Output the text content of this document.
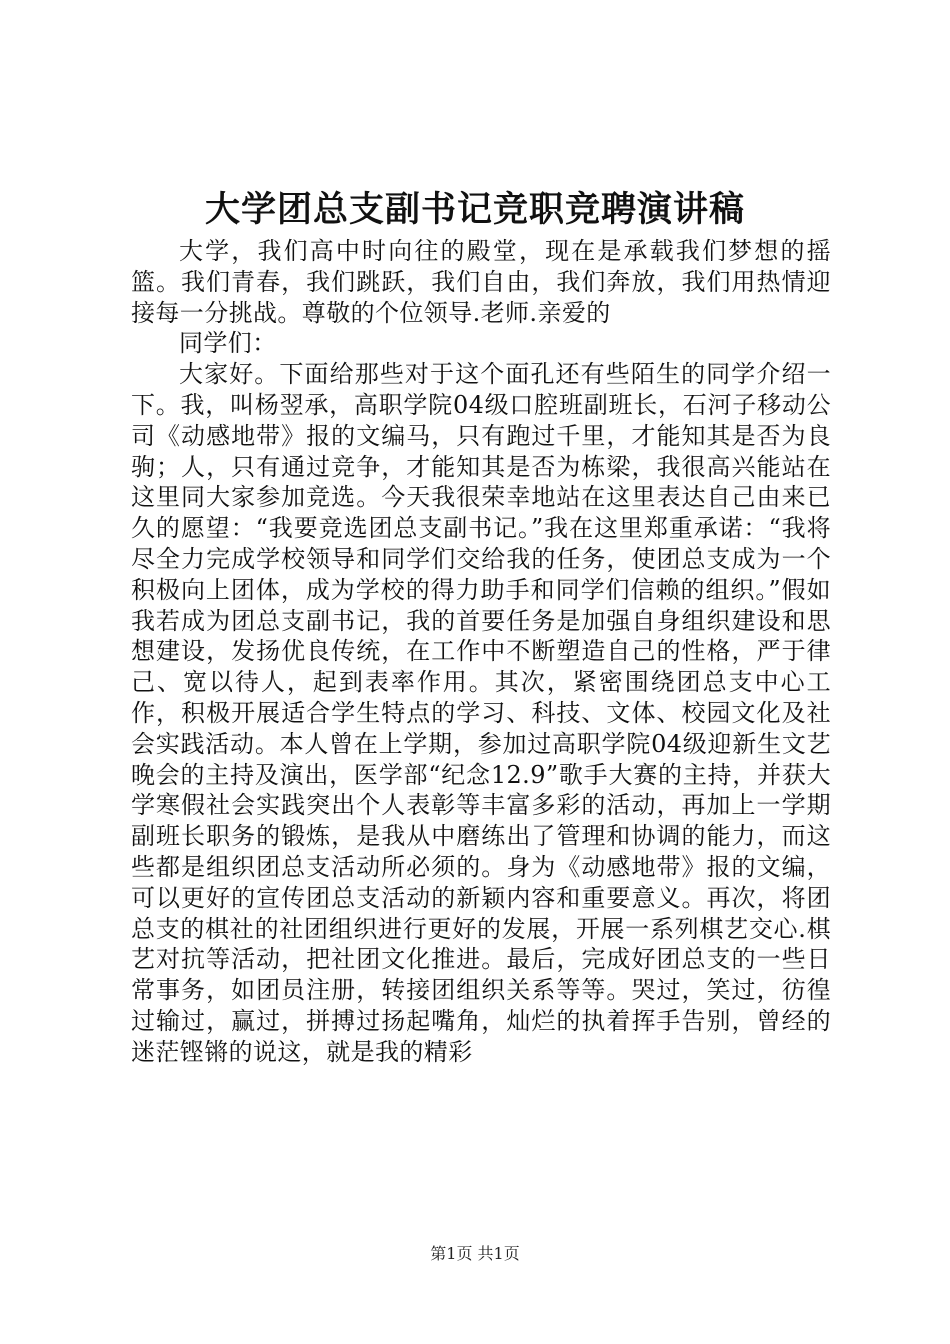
大学团总支副书记竞职竞聘演讲稿

大学，我们高中时向往的殿堂，现在是承载我们梦想的摇篮。我们青春，我们跳跃，我们自由，我们奔放，我们用热情迎接每一分挑战。尊敬的个位领导.老师.亲爱的

同学们：

大家好。下面给那些对于这个面孔还有些陌生的同学介绍一下。我，叫杨翌承，高职学院04级口腔班副班长，石河子移动公司《动感地带》报的文编马，只有跑过千里，才能知其是否为良驹；人，只有通过竞争，才能知其是否为栋梁，我很高兴能站在这里同大家参加竞选。今天我很荣幸地站在这里表达自己由来已久的愿望：“我要竞选团总支副书记。”我在这里郑重承诺：“我将尽全力完成学校领导和同学们交给我的任务，使团总支成为一个积极向上团体，成为学校的得力助手和同学们信赖的组织。”假如我若成为团总支副书记，我的首要任务是加强自身组织建设和思想建设，发扬优良传统，在工作中不断塑造自己的性格，严于律己、宽以待人，起到表率作用。其次，紧密围绕团总支中心工作，积极开展适合学生特点的学习、科技、文体、校园文化及社会实践活动。本人曾在上学期，参加过高职学院04级迎新生文艺晚会的主持及演出，医学部“纪念12.9”歌手大赛的主持，并获大学寒假社会实践突出个人表彰等丰富多彩的活动，再加上一学期副班长职务的锻炼，是我从中磨练出了管理和协调的能力，而这些都是组织团总支活动所必须的。身为《动感地带》报的文编，可以更好的宣传团总支活动的新颖内容和重要意义。再次，将团总支的棋社的社团组织进行更好的发展，开展一系列棋艺交心.棋艺对抗等活动，把社团文化推进。最后，完成好团总支的一些日常事务，如团员注册，转接团组织关系等等。哭过，笑过，彷徨过输过，赢过，拼搏过扬起嘴角，灿烂的执着挥手告别，曾经的迷茫铿锵的说这，就是我的精彩

第1页 共1页
